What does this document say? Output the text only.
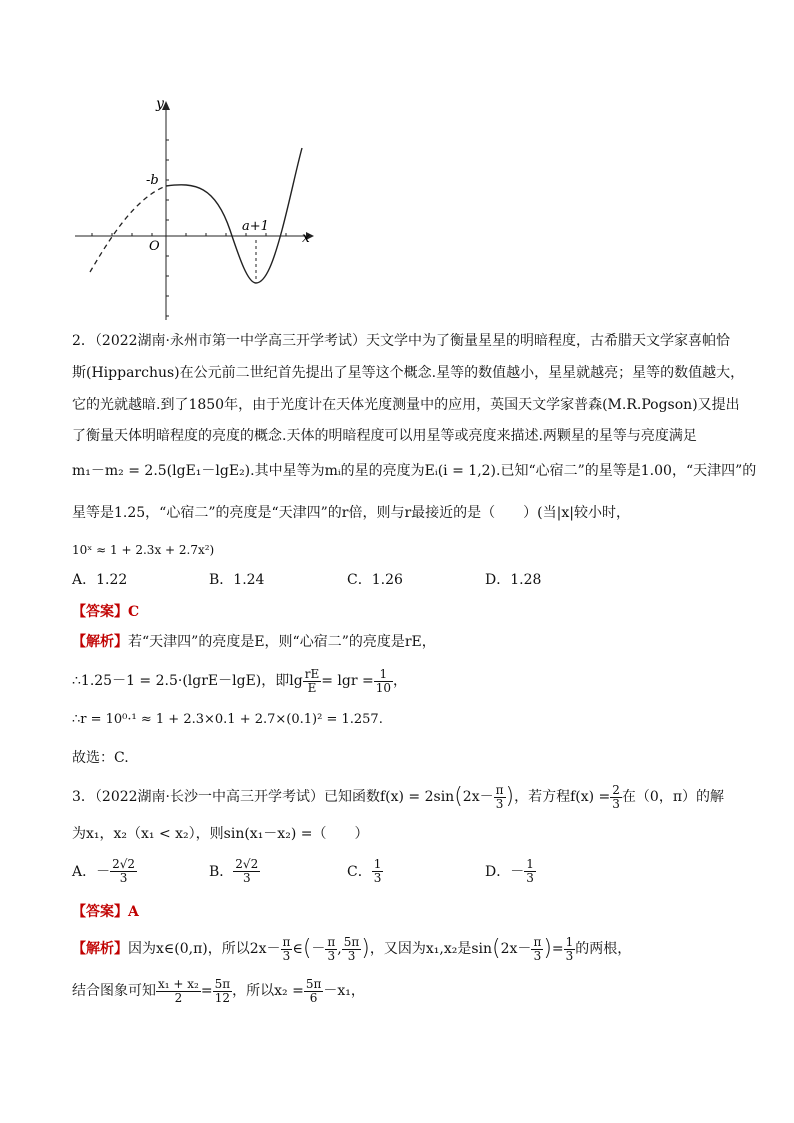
y
x
O
-b
a+1
2．（2022湖南·永州市第一中学高三开学考试）天文学中为了衡量星星的明暗程度，古希腊天文学家喜帕恰
斯(Hipparchus)在公元前二世纪首先提出了星等这个概念.星等的数值越小，星星就越亮；星等的数值越大，
它的光就越暗.到了1850年，由于光度计在天体光度测量中的应用，英国天文学家普森(M.R.Pogson)又提出
了衡量天体明暗程度的亮度的概念.天体的明暗程度可以用星等或亮度来描述.两颗星的星等与亮度满足
m₁－m₂ = 2.5(lgE₁－lgE₂).其中星等为mᵢ的星的亮度为Eᵢ(i = 1,2).已知“心宿二”的星等是1.00，“天津四”的
星等是1.25，“心宿二”的亮度是“天津四”的r倍，则与r最接近的是（　　）(当|x|较小时，
10ˣ ≈ 1 + 2.3x + 2.7x²)
A．1.22	B．1.24	C．1.26	D．1.28
【答案】C
【解析】若“天津四”的亮度是E，则“心宿二”的亮度是rE，
∴1.25－1 = 2.5·(lgrE－lgE)，即$\lg \frac{rE}{E} = \lg r = \frac{1}{10}$ ，
∴r = 10⁰·¹ ≈ 1 + 2.3×0.1 + 2.7×(0.1)² = 1.257.
故选：C.
3．（2022湖南·长沙一中高三开学考试）已知函数f(x) = 2sin ( $2x- \frac{\pi}{3}$ ) ，若方程$f(x) = \frac{2}{3}$ 在（0，π）的解
为x₁，x₂（x₁ < x₂），则sin(x₁－x₂) =（　　）
A．－ $\frac{2√2}{3}$	B． $\frac{2√2}{3}$	C． $\frac{1}{3}$	D．－ $\frac{1}{3}$
【答案】A
【解析】 因为x∈(0,π)，所以$2x- \frac{\pi}{3}$ ∈ ( － $\frac{\pi}{3}$ , $\frac{5\pi}{3}$ ) ，又因为x₁,x₂是sin ( $2x- \frac{\pi}{3}$ ) = $\frac{1}{3}$ 的两根，
结合图象可知 $\frac{\text{x₁ + x₂}}{2} = \frac{5\pi}{12}$ ，所以$x_2 = \frac{5\pi}{6} -x_1$，
